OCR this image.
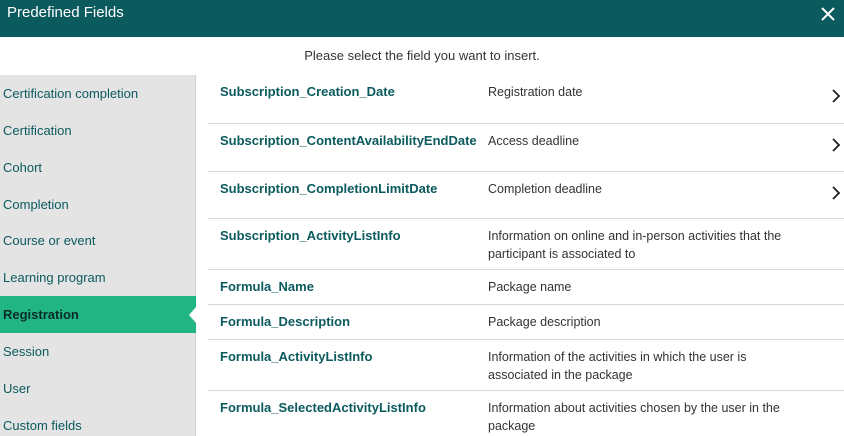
Predefined Fields
Please select the field you want to insert.
Certification completion
Certification
Cohort
Completion
Course or event
Learning program
Registration
Session
User
Custom fields
Subscription_Creation_Date	Registration date
Subscription_ContentAvailabilityEndDate Access deadline
Subscription_CompletionLimitDate	Completion deadline
Subscription_ActivityListInfo	Information on online and in-person activities that the participant is associated to
Formula_Name	Package name
Formula_Description	Package description
Formula_ActivityListInfo	Information of the activities in which the user is associated in the package
Formula_SelectedActivityListInfo	Information about activities chosen by the user in the package
